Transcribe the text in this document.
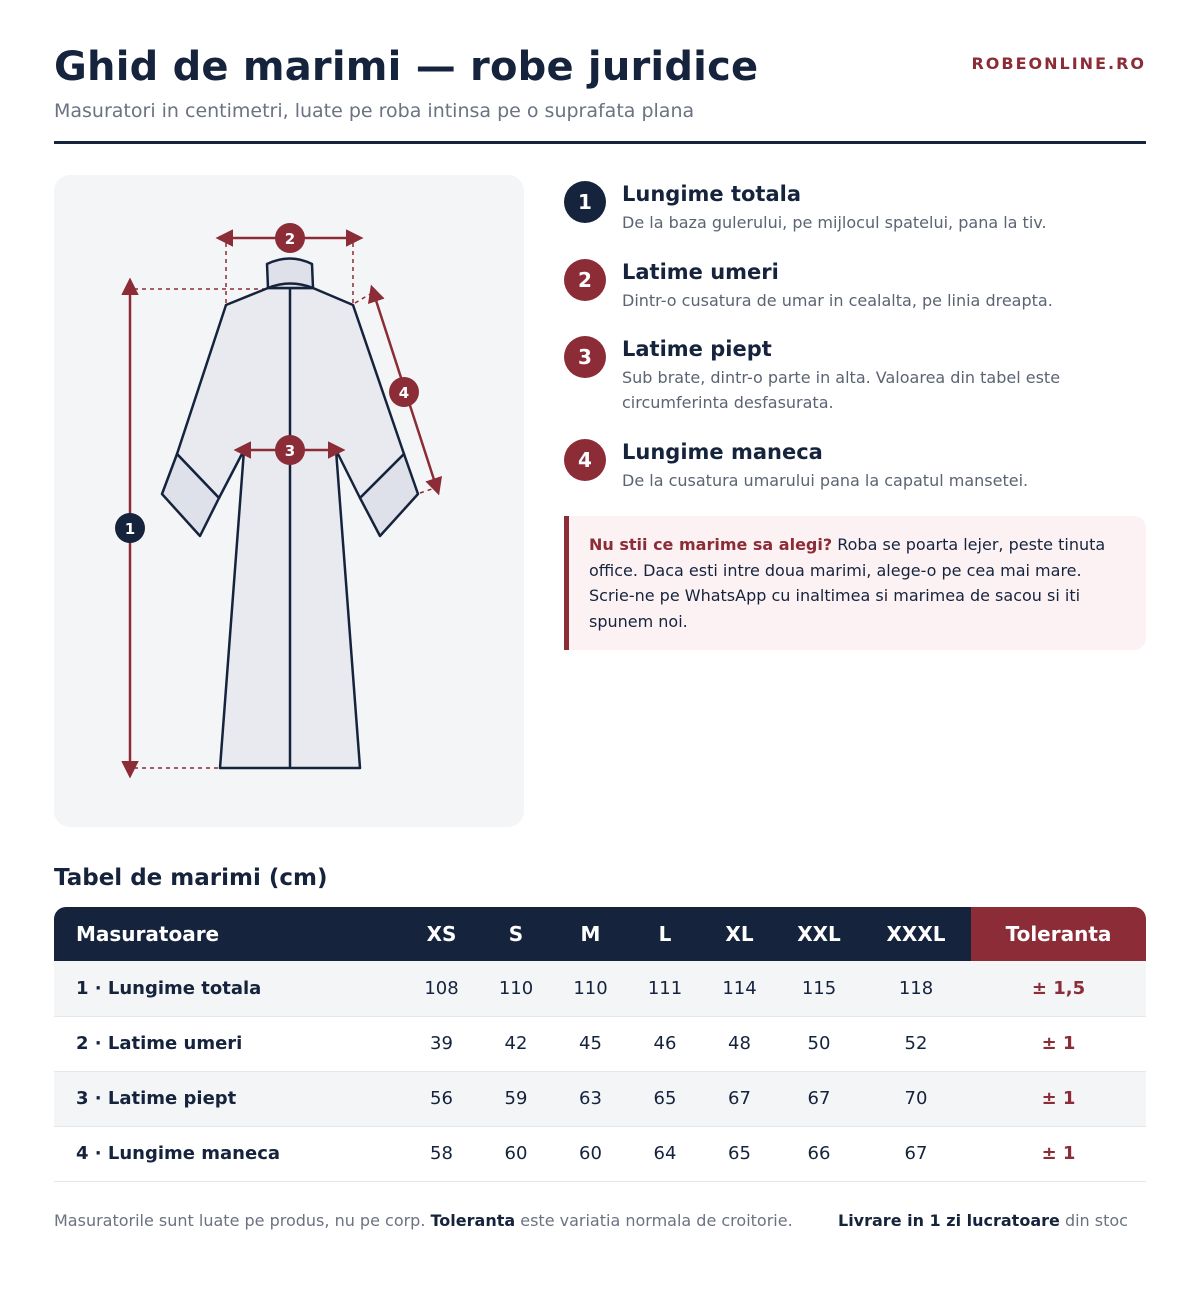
Ghid de marimi — robe juridice
Masuratori in centimetri, luate pe roba intinsa pe o suprafata plana
ROBEONLINE.RO
1
2
3
4
1	Lungime totala
De la baza gulerului, pe mijlocul spatelui, pana la tiv.
2	Latime umeri
Dintr-o cusatura de umar in cealalta, pe linia dreapta.
3	Latime piept
Sub brate, dintr-o parte in alta. Valoarea din tabel este circumferinta desfasurata.
4	Lungime maneca
De la cusatura umarului pana la capatul mansetei.
Nu stii ce marime sa alegi? Roba se poarta lejer, peste tinuta office. Daca esti intre doua marimi, alege-o pe cea mai mare. Scrie-ne pe WhatsApp cu inaltimea si marimea de sacou si iti spunem noi.
Tabel de marimi (cm)
Masuratoare	XS	S	M	L	XL	XXL	XXXL	Toleranta
1 · Lungime totala	108	110	110	111	114	115	118	± 1,5
2 · Latime umeri	39	42	45	46	48	50	52	± 1
3 · Latime piept	56	59	63	65	67	67	70	± 1
4 · Lungime maneca	58	60	60	64	65	66	67	± 1
Masuratorile sunt luate pe produs, nu pe corp. Toleranta este variatia normala de croitorie.	Livrare in 1 zi lucratoare din stoc
